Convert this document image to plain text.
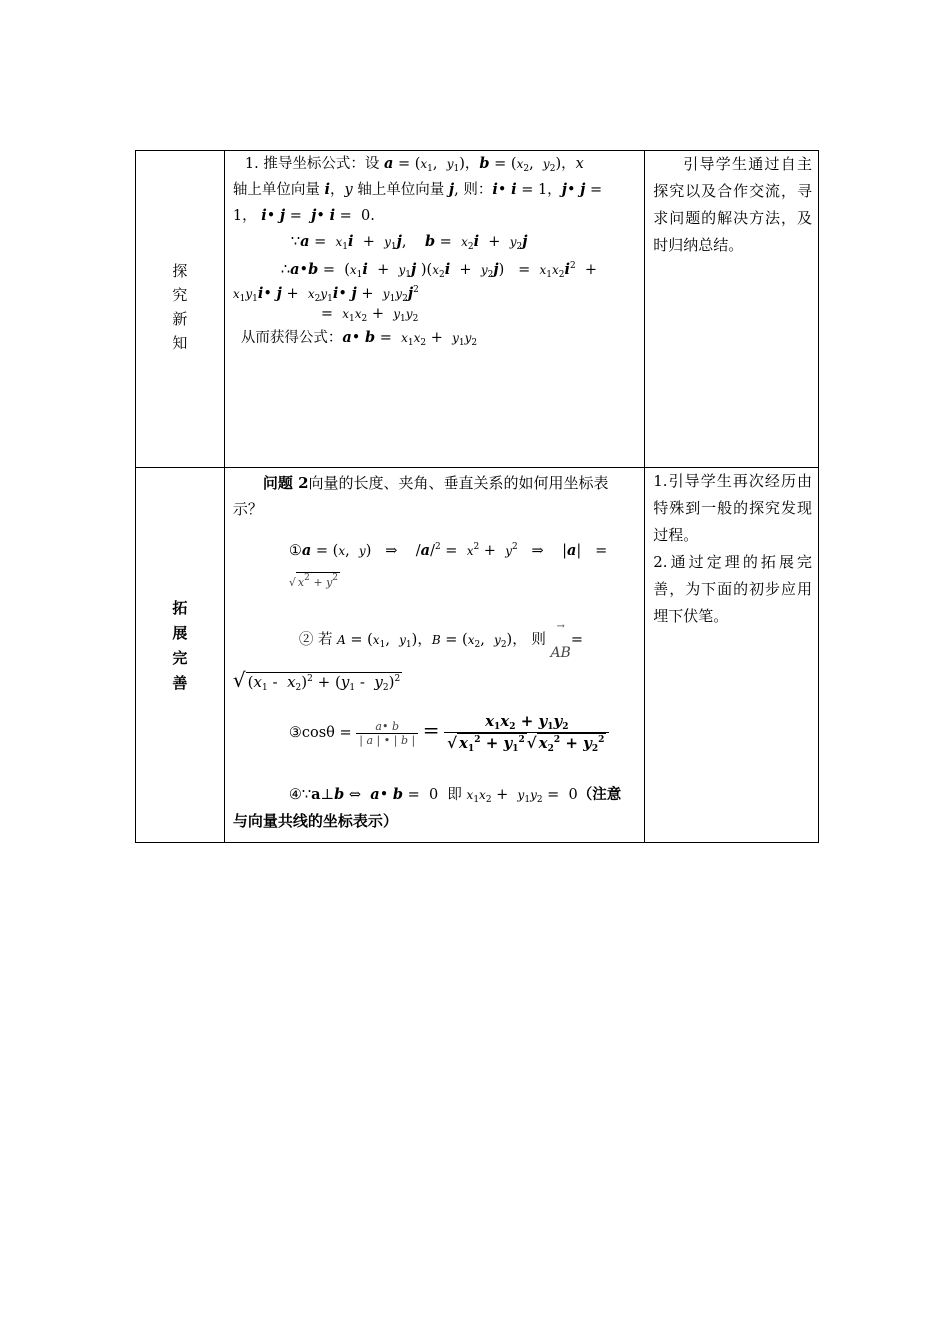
探
究
新
知
1. 推导坐标公式：设 $a = (x_1$,  $y_1$)，$b = (x_2$,  $y_2$)，x
轴上单位向量 i，y 轴上单位向量 j, 则：i• i = 1，j• j =
1， i• j =  j• i =  0.
∵a =  $x_1i + y_1j$,    $b = x_2i + y_2j$
∴a•b =  ($x_1i + y_1j$ )$(x_2i + y_2j) = x_1x_2i^2$  +
$x_1y_1i•$ $j + x_2y_1i•$ $j + y_1y_2j^2$
=  $x_1x_2 + y_1y_2$
从而获得公式：a• $b = x_1x_2 + y_1y_2$
引导学生通过自主探究以及合作交流，寻求问题的解决方法，及时归纳总结。
拓
展
完
善
问题 2向量的长度、夹角、垂直关系的如何用坐标表示？
①a = (x,  y)   ⇒    $/a/^2 = x^2 + y^2$   ⇒    |a|   =
√ $x^2 + y^2$
② 若 $A = (x_1$,  $y_1$)，$B = (x_2$,  $y_2$)， 则
→
AB
=
√ $(x_1 - x_2)^2 + (y_1 - y_2)^2$
③cosθ = $\frac{a• b}{| a | • | b |} = \frac{x_1x_2 + y_1y_2}{√ x_1^2 + y_1^2 √ x_2^2 + y_2^2}$
④∵a⊥b ⇔  a• b =  0  即 $x_1x_2 + y_1y_2 = 0$（注意
与向量共线的坐标表示）
1.引导学生再次经历由特殊到一般的探究发现过程。
2.通过定理的拓展完善，为下面的初步应用埋下伏笔。
